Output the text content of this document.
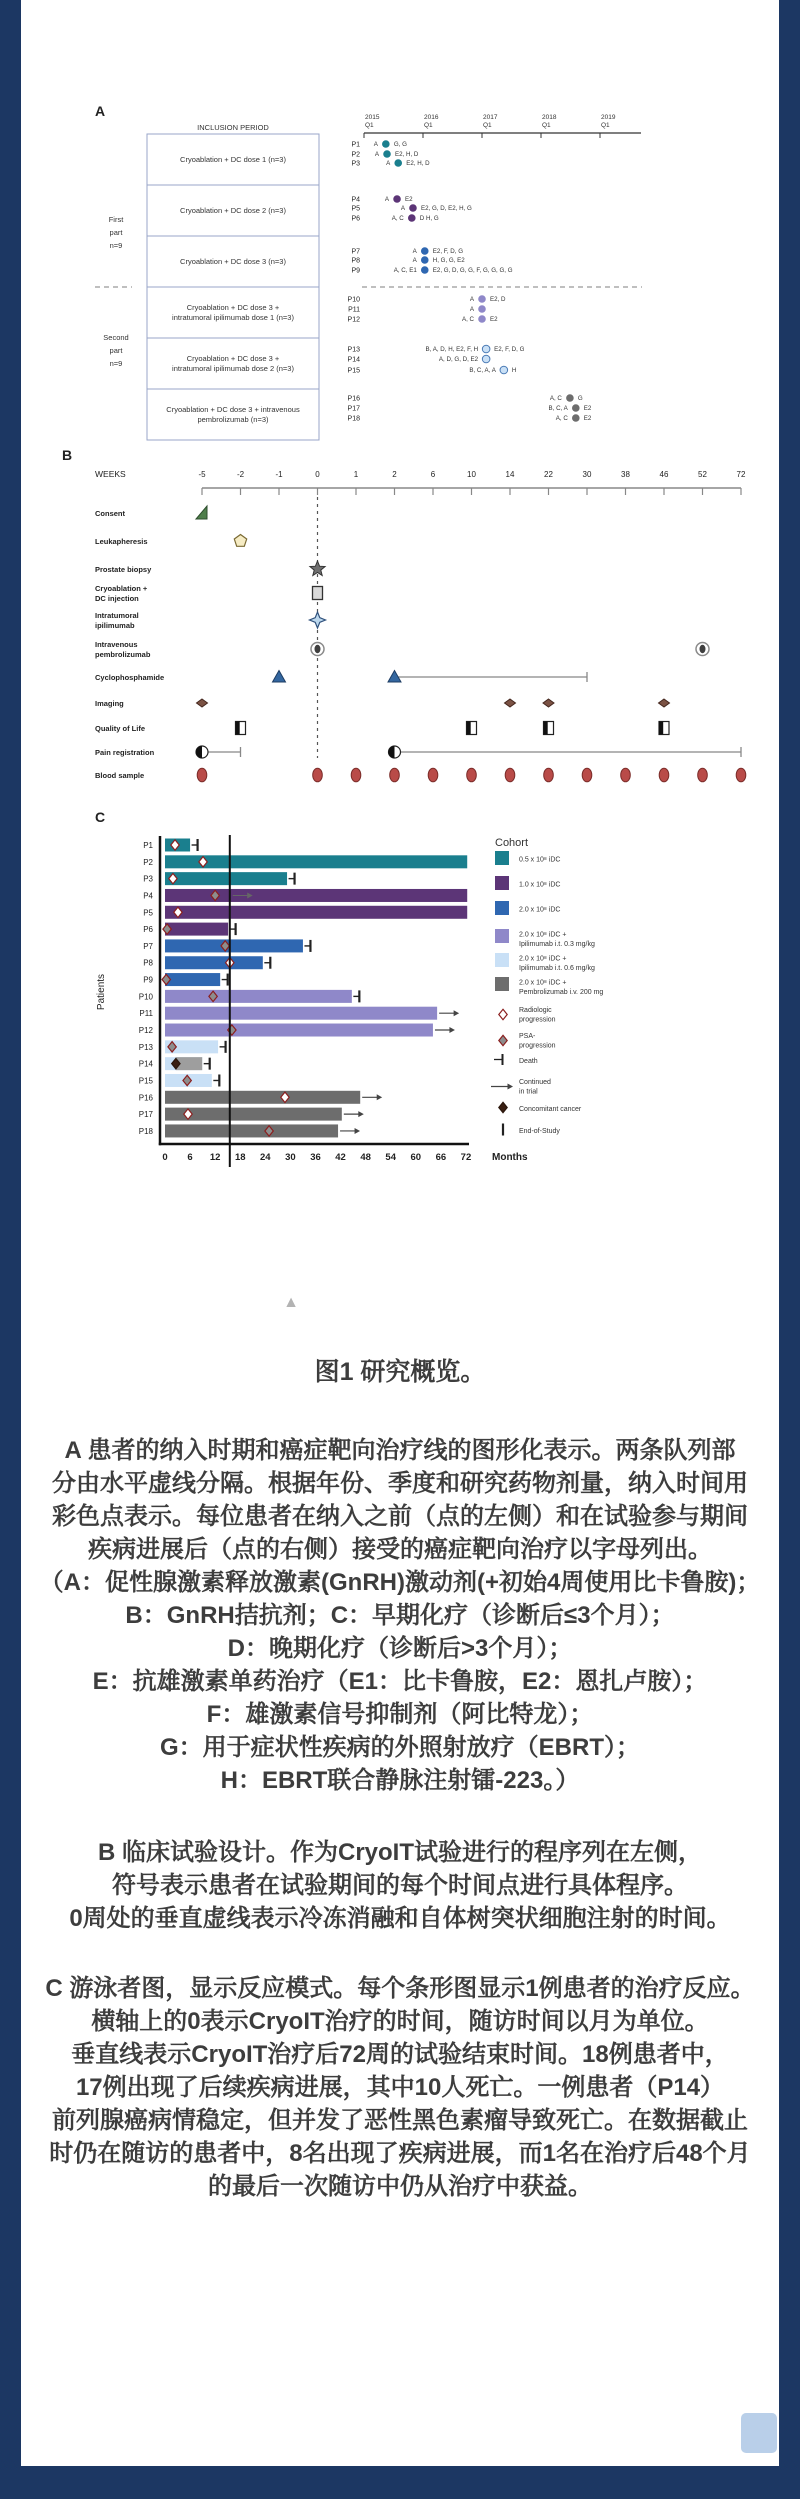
A
INCLUSION PERIOD
Cryoablation + DC dose 1 (n=3)
Cryoablation + DC dose 2 (n=3)
Cryoablation + DC dose 3 (n=3)
Cryoablation + DC dose 3 +
intratumoral ipilimumab dose 1 (n=3)
Cryoablation + DC dose 3 +
intratumoral ipilimumab dose 2 (n=3)
Cryoablation + DC dose 3 + intravenous
pembrolizumab (n=3)
First
part
n=9
Second
part
n=9
2015
Q1
2016
Q1
2017
Q1
2018
Q1
2019
Q1
P1 A	G, G
P2 A	E2, H, D
P3	A	E2, H, D
P4	A	E2
P5	A	E2, G, D, E2, H, G
P6	A, C	D H, G
P7	A	E2, F, D, G
P8	A	H, G, G, E2
P9	A, C, E1	E2, G, D, G, G, F, G, G, G, G
P10	A	E2, D
P11	A
P12	A, C	E2
P13	B, A, D, H, E2, F, H	E2, F, D, G
P14	A, D, G, D, E2
P15	B, C, A, A	H
P16	A, C	G
P17	B, C, A	E2
P18	A, C	E2
B
WEEKS	-5	-2	-1	0	1	2	6	10	14	22	30	38	46	52	72
Consent
Leukapheresis
Prostate biopsy
Cryoablation +
DC injection
Intratumoral
ipilimumab
Intravenous
pembrolizumab
Cyclophosphamide
Imaging
Quality of Life
Pain registration
Blood sample
C
Patients
P1
P2
P3
P4
P5
P6
P7
P8
P9
P10
P11
P12
P13
P14
P15
P16
P17
P18
0 6 12 18 24 30 36 42 48 54 60 66 72 Months
Cohort
0.5 x 10⁸ iDC
1.0 x 10⁸ iDC
2.0 x 10⁸ iDC
2.0 x 10⁸ iDC +
Ipilimumab i.t. 0.3 mg/kg
2.0 x 10⁸ iDC +
Ipilimumab i.t. 0.6 mg/kg
2.0 x 10⁸ iDC +
Pembrolizumab i.v. 200 mg
Radiologic
progression
PSA-
progression
Death
Continued
in trial
Concomitant cancer
End-of-Study
▲
图1 研究概览。
A 患者的纳入时期和癌症靶向治疗线的图形化表示。两条队列部
分由水平虚线分隔。根据年份、季度和研究药物剂量，纳入时间用
彩色点表示。每位患者在纳入之前（点的左侧）和在试验参与期间
疾病进展后（点的右侧）接受的癌症靶向治疗以字母列出。
（A：促性腺激素释放激素(GnRH)激动剂(+初始4周使用比卡鲁胺)；
B：GnRH拮抗剂；C：早期化疗（诊断后≤3个月）；
D：晚期化疗（诊断后>3个月）；
E：抗雄激素单药治疗（E1：比卡鲁胺，E2：恩扎卢胺）；
F：雄激素信号抑制剂（阿比特龙）；
G：用于症状性疾病的外照射放疗（EBRT）；
H：EBRT联合静脉注射镭-223。）
B 临床试验设计。作为CryoIT试验进行的程序列在左侧，
符号表示患者在试验期间的每个时间点进行具体程序。
0周处的垂直虚线表示冷冻消融和自体树突状细胞注射的时间。
C 游泳者图，显示反应模式。每个条形图显示1例患者的治疗反应。
横轴上的0表示CryoIT治疗的时间，随访时间以月为单位。
垂直线表示CryoIT治疗后72周的试验结束时间。18例患者中，
17例出现了后续疾病进展，其中10人死亡。一例患者（P14）
前列腺癌病情稳定，但并发了恶性黑色素瘤导致死亡。在数据截止
时仍在随访的患者中，8名出现了疾病进展，而1名在治疗后48个月
的最后一次随访中仍从治疗中获益。
